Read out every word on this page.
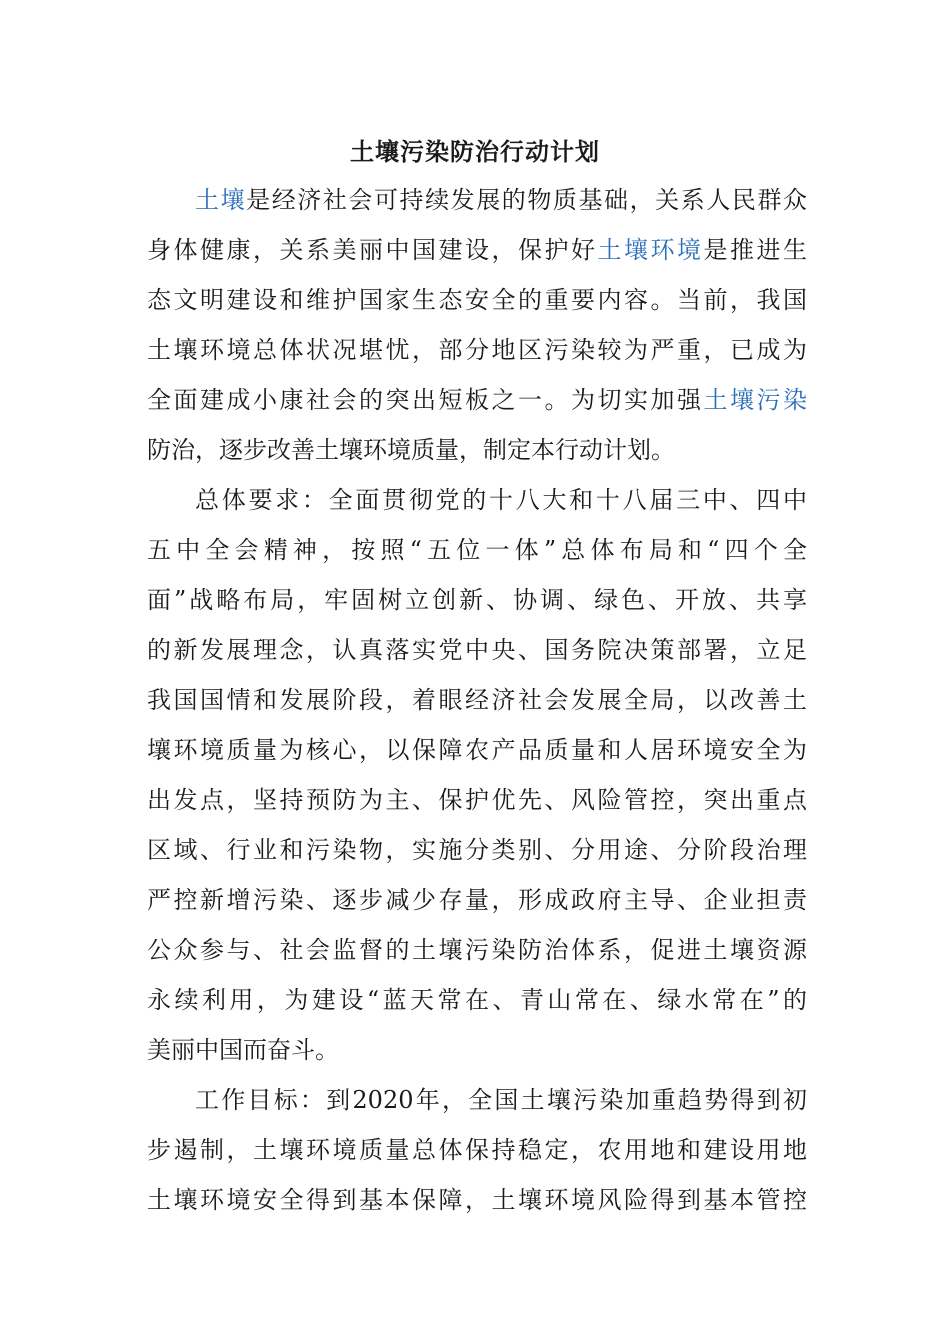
土壤污染防治行动计划

土壤是经济社会可持续发展的物质基础，关系人民群众

身体健康，关系美丽中国建设，保护好土壤环境是推进生

态文明建设和维护国家生态安全的重要内容。当前，我国

土壤环境总体状况堪忧，部分地区污染较为严重，已成为

全面建成小康社会的突出短板之一。为切实加强土壤污染

防治，逐步改善土壤环境质量，制定本行动计划。

总体要求：全面贯彻党的十八大和十八届三中、四中

五中全会精神，按照“五位一体”总体布局和“四个全

面”战略布局，牢固树立创新、协调、绿色、开放、共享

的新发展理念，认真落实党中央、国务院决策部署，立足

我国国情和发展阶段，着眼经济社会发展全局，以改善土

壤环境质量为核心，以保障农产品质量和人居环境安全为

出发点，坚持预防为主、保护优先、风险管控，突出重点

区域、行业和污染物，实施分类别、分用途、分阶段治理

严控新增污染、逐步减少存量，形成政府主导、企业担责

公众参与、社会监督的土壤污染防治体系，促进土壤资源

永续利用，为建设“蓝天常在、青山常在、绿水常在”的

美丽中国而奋斗。

工作目标：到2020年，全国土壤污染加重趋势得到初

步遏制，土壤环境质量总体保持稳定，农用地和建设用地

土壤环境安全得到基本保障，土壤环境风险得到基本管控
